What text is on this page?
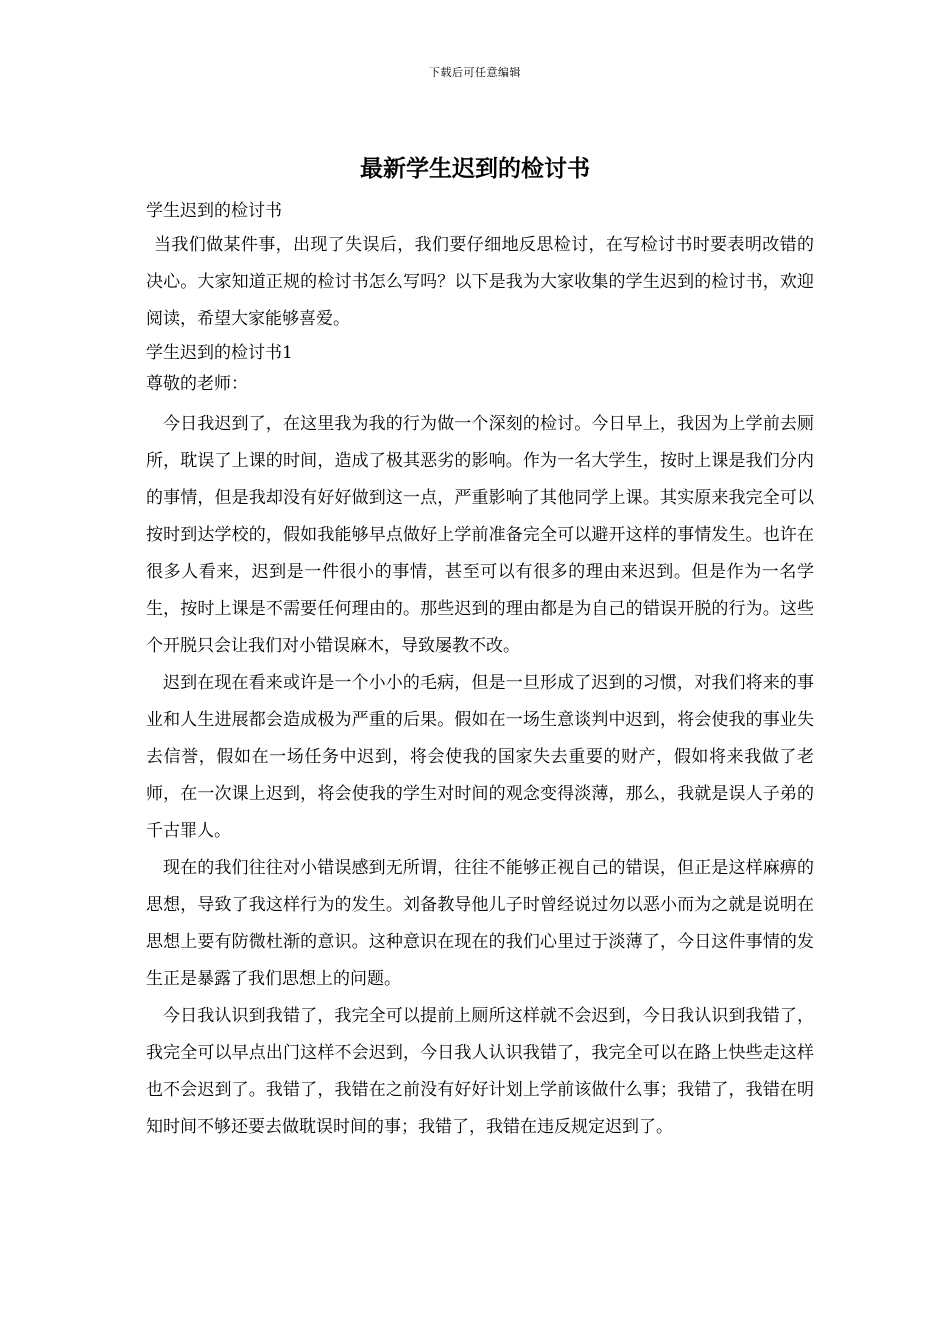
下载后可任意编辑
最新学生迟到的检讨书

学生迟到的检讨书

当我们做某件事，出现了失误后，我们要仔细地反思检讨，在写检讨书时要表明改错的决心。大家知道正规的检讨书怎么写吗？以下是我为大家收集的学生迟到的检讨书，欢迎阅读，希望大家能够喜爱。

学生迟到的检讨书1

尊敬的老师：

今日我迟到了，在这里我为我的行为做一个深刻的检讨。今日早上，我因为上学前去厕所，耽误了上课的时间，造成了极其恶劣的影响。作为一名大学生，按时上课是我们分内的事情，但是我却没有好好做到这一点，严重影响了其他同学上课。其实原来我完全可以按时到达学校的，假如我能够早点做好上学前准备完全可以避开这样的事情发生。也许在很多人看来，迟到是一件很小的事情，甚至可以有很多的理由来迟到。但是作为一名学生，按时上课是不需要任何理由的。那些迟到的理由都是为自己的错误开脱的行为。这些个开脱只会让我们对小错误麻木，导致屡教不改。

迟到在现在看来或许是一个小小的毛病，但是一旦形成了迟到的习惯，对我们将来的事业和人生进展都会造成极为严重的后果。假如在一场生意谈判中迟到，将会使我的事业失去信誉，假如在一场任务中迟到，将会使我的国家失去重要的财产，假如将来我做了老师，在一次课上迟到，将会使我的学生对时间的观念变得淡薄，那么，我就是误人子弟的千古罪人。

现在的我们往往对小错误感到无所谓，往往不能够正视自己的错误，但正是这样麻痹的思想，导致了我这样行为的发生。刘备教导他儿子时曾经说过勿以恶小而为之就是说明在思想上要有防微杜渐的意识。这种意识在现在的我们心里过于淡薄了，今日这件事情的发生正是暴露了我们思想上的问题。

今日我认识到我错了，我完全可以提前上厕所这样就不会迟到，今日我认识到我错了，我完全可以早点出门这样不会迟到，今日我人认识我错了，我完全可以在路上快些走这样也不会迟到了。我错了，我错在之前没有好好计划上学前该做什么事；我错了，我错在明知时间不够还要去做耽误时间的事；我错了，我错在违反规定迟到了。
